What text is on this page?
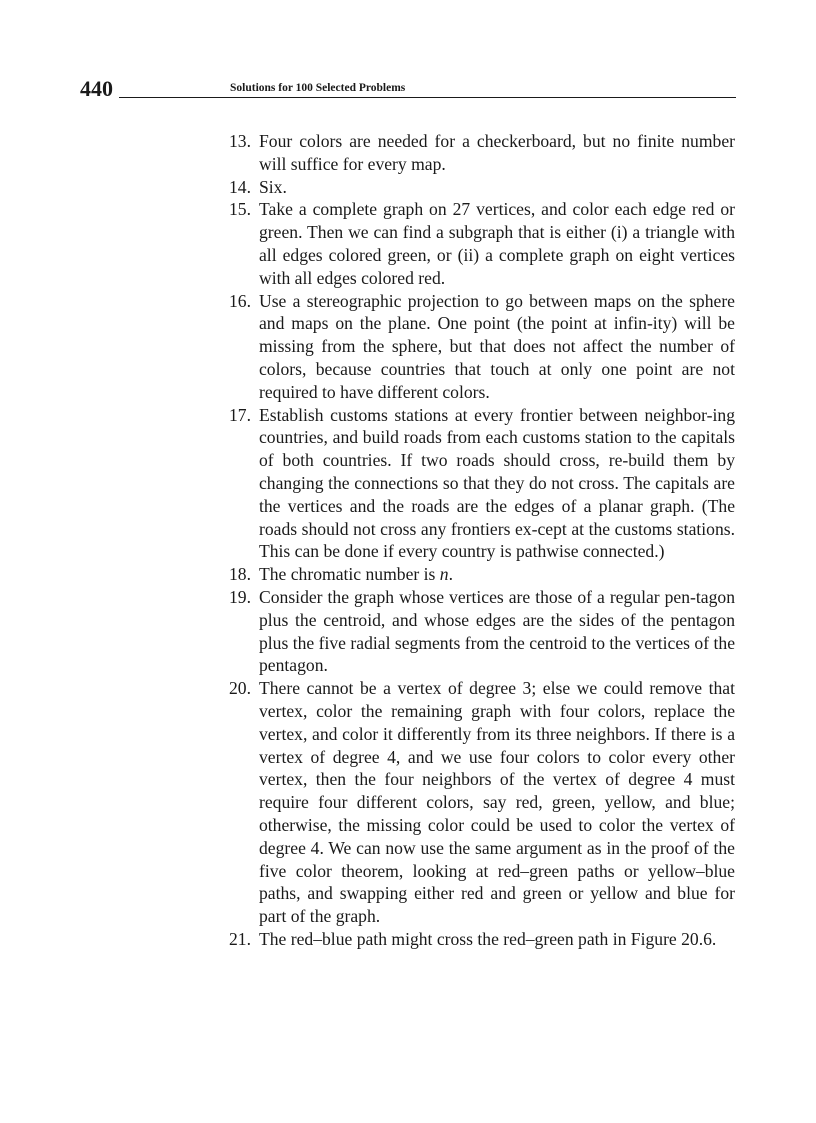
440	Solutions for 100 Selected Problems
13. Four colors are needed for a checkerboard, but no finite number will suffice for every map.
14. Six.
15. Take a complete graph on 27 vertices, and color each edge red or green. Then we can find a subgraph that is either (i) a triangle with all edges colored green, or (ii) a complete graph on eight vertices with all edges colored red.
16. Use a stereographic projection to go between maps on the sphere and maps on the plane. One point (the point at infin-ity) will be missing from the sphere, but that does not affect the number of colors, because countries that touch at only one point are not required to have different colors.
17. Establish customs stations at every frontier between neighbor-ing countries, and build roads from each customs station to the capitals of both countries. If two roads should cross, re-build them by changing the connections so that they do not cross. The capitals are the vertices and the roads are the edges of a planar graph. (The roads should not cross any frontiers ex-cept at the customs stations. This can be done if every country is pathwise connected.)
18. The chromatic number is n.
19. Consider the graph whose vertices are those of a regular pen-tagon plus the centroid, and whose edges are the sides of the pentagon plus the five radial segments from the centroid to the vertices of the pentagon.
20. There cannot be a vertex of degree 3; else we could remove that vertex, color the remaining graph with four colors, replace the vertex, and color it differently from its three neighbors. If there is a vertex of degree 4, and we use four colors to color every other vertex, then the four neighbors of the vertex of degree 4 must require four different colors, say red, green, yellow, and blue; otherwise, the missing color could be used to color the vertex of degree 4. We can now use the same argument as in the proof of the five color theorem, looking at red–green paths or yellow–blue paths, and swapping either red and green or yellow and blue for part of the graph.
21. The red–blue path might cross the red–green path in Figure 20.6.
